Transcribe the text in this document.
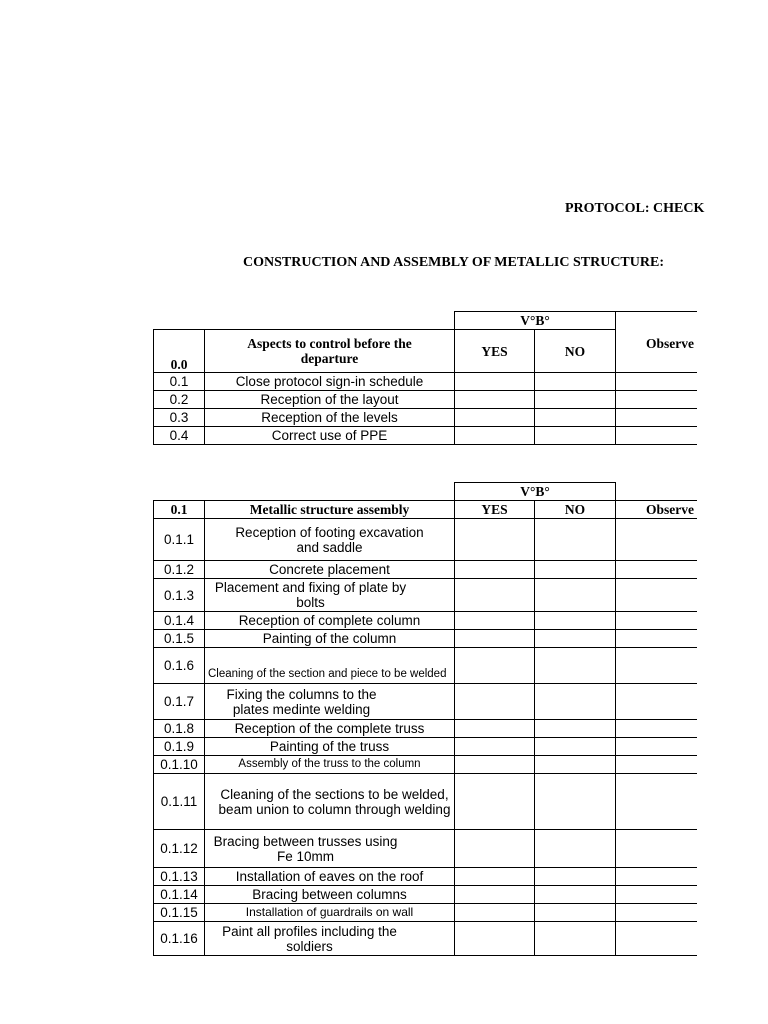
PROTOCOL: CHECK
CONSTRUCTION AND ASSEMBLY OF METALLIC STRUCTURE:
		V°B°		
0.0	Aspects to control before the departure	YES	NO	Observe
0.1	Close protocol sign-in schedule			
0.2	Reception of the layout			
0.3	Reception of the levels			
0.4	Correct use of PPE			
		V°B°		
0.1	Metallic structure assembly	YES	NO	Observe
0.1.1	Reception of footing excavation and saddle			
0.1.2	Concrete placement			
0.1.3	Placement and fixing of plate by bolts			
0.1.4	Reception of complete column			
0.1.5	Painting of the column			
0.1.6	Cleaning of the section and piece to be welded			
0.1.7	Fixing the columns to the plates medinte welding			
0.1.8	Reception of the complete truss			
0.1.9	Painting of the truss			
0.1.10	Assembly of the truss to the column			
0.1.11	Cleaning of the sections to be welded, beam union to column through welding			
0.1.12	Bracing between trusses using Fe 10mm			
0.1.13	Installation of eaves on the roof			
0.1.14	Bracing between columns			
0.1.15	Installation of guardrails on wall			
0.1.16	Paint all profiles including the soldiers			
